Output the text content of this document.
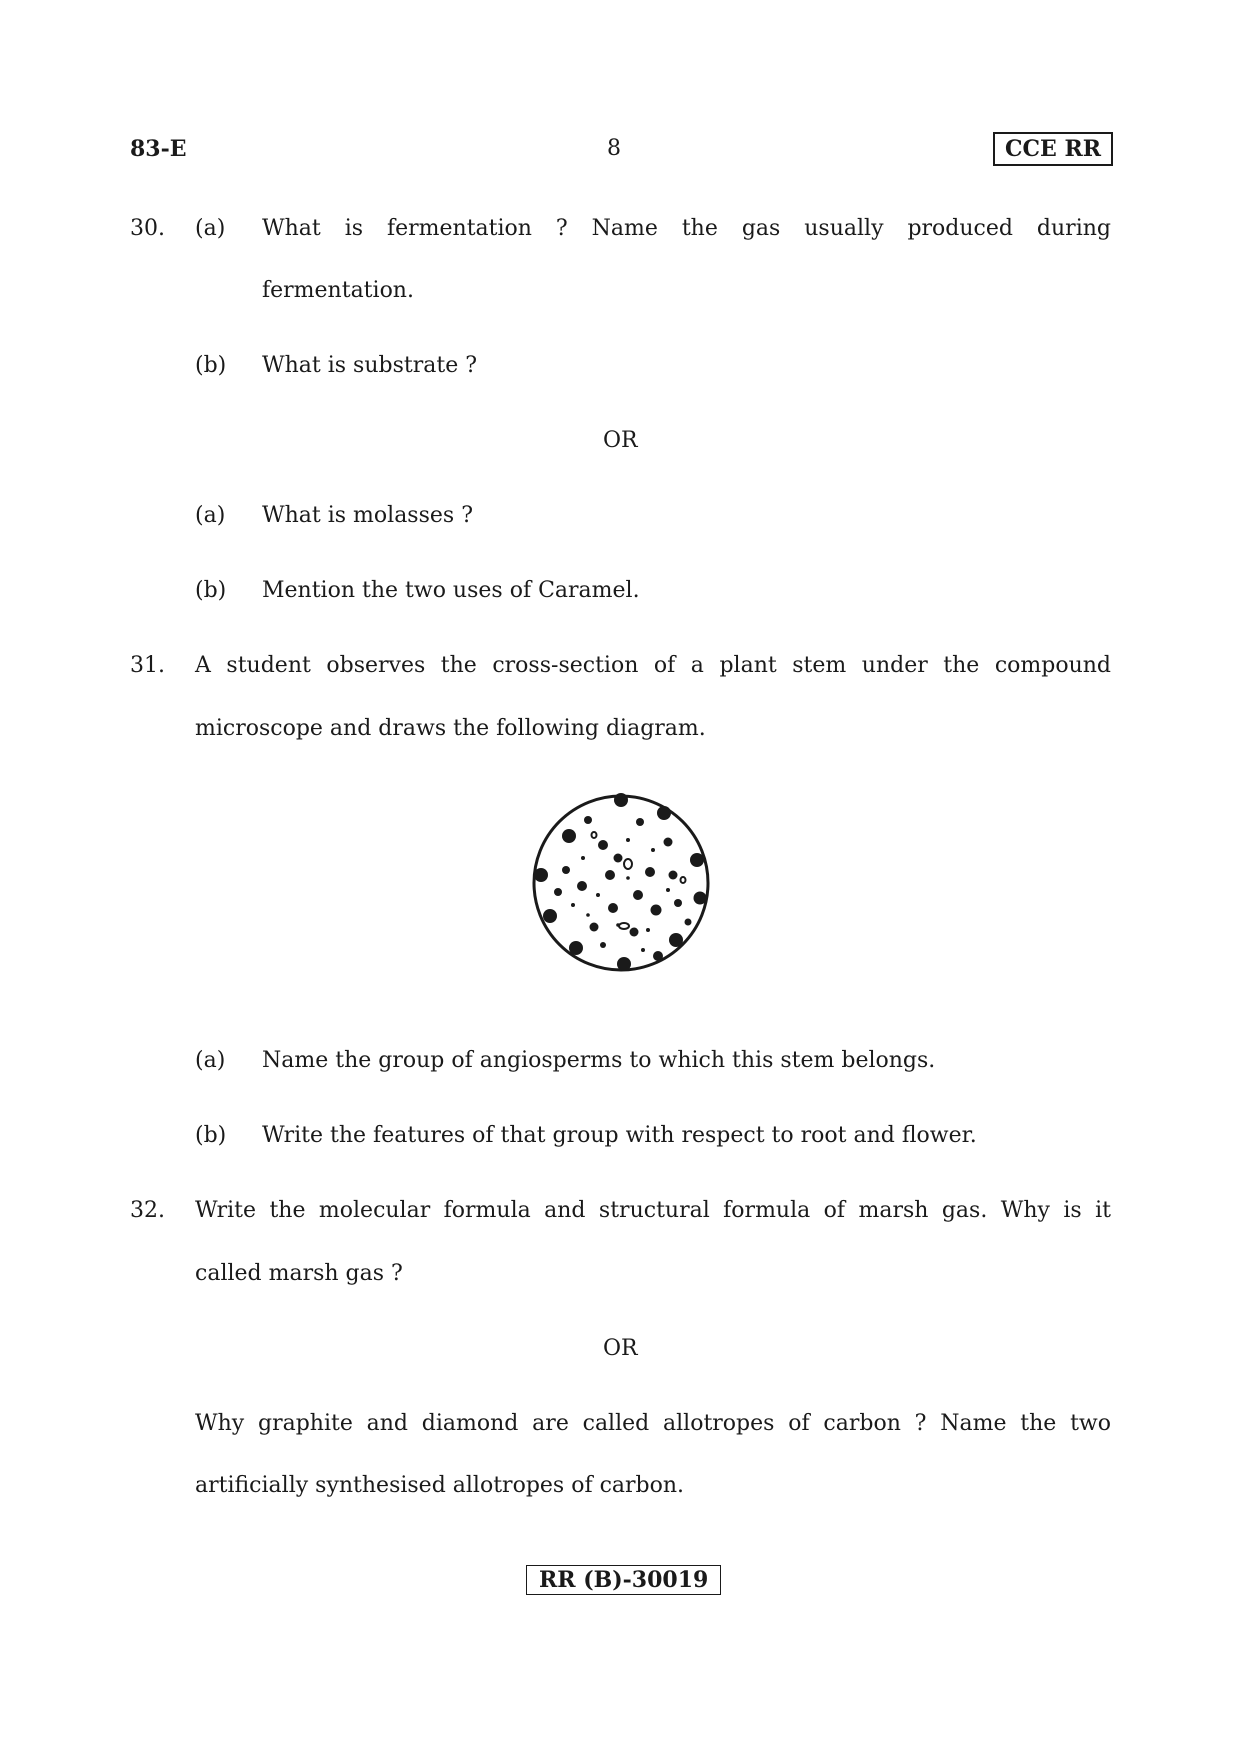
83-E	8	CCE RR
30. (a) What is fermentation ? Name the gas usually produced during
fermentation.
(b) What is substrate ?
OR
(a) What is molasses ?
(b) Mention the two uses of Caramel.
31. A student observes the cross-section of a plant stem under the compound
microscope and draws the following diagram.
(a) Name the group of angiosperms to which this stem belongs.
(b) Write the features of that group with respect to root and flower.
32. Write the molecular formula and structural formula of marsh gas. Why is it
called marsh gas ?
OR
Why graphite and diamond are called allotropes of carbon ? Name the two
artificially synthesised allotropes of carbon.
RR (B)-30019
